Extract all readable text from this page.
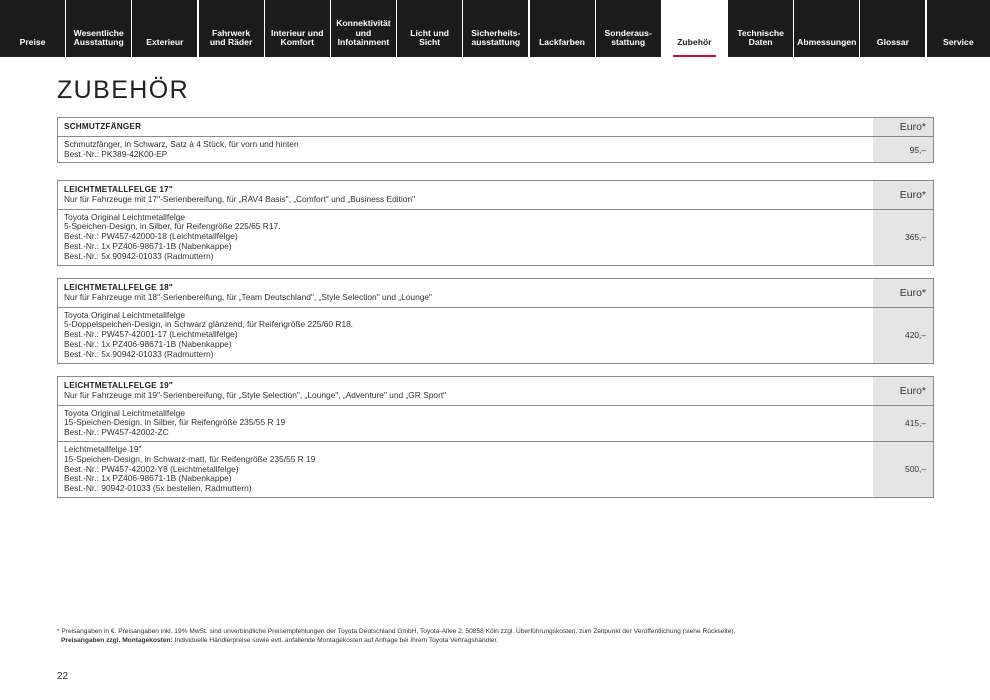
Preise
Wesentliche
Ausstattung	Exterieur
Fahrwerk
und Räder
Interieur und
Komfort
Konnektivität
und
Infotainment
Licht und Sicht
Sicherheits-
ausstattung Lackfarben
Sonderaus-
stattung	Zubehör
Technische
Daten	Abmessungen Glossar	Service
ZUBEHÖR
SCHMUTZFÄNGER	Euro*
Schmutzfänger, in Schwarz, Satz à 4 Stück, für vorn und hinten
Best.-Nr.: PK389-42K00-EP	95,–
LEICHTMETALLFELGE 17"
Nur für Fahrzeuge mit 17"-Serienbereifung, für „RAV4 Basis", „Comfort" und „Business Edition"	Euro*
Toyota Original Leichtmetallfelge
5-Speichen-Design, in Silber, für Reifengröße 225/65 R17.
Best.-Nr.: PW457-42000-18 (Leichtmetallfelge)
Best.-Nr.: 1x PZ406-98671-1B (Nabenkappe)
Best.-Nr.: 5x 90942-01033 (Radmuttern)
365,–
LEICHTMETALLFELGE 18"
Nur für Fahrzeuge mit 18"-Serienbereifung, für „Team Deutschland", „Style Selection" und „Lounge"	Euro*
Toyota Original Leichtmetallfelge
5-Doppelspeichen-Design, in Schwarz glänzend, für Reifengröße 225/60 R18.
Best.-Nr.: PW457-42001-17 (Leichtmetallfelge)
Best.-Nr.: 1x PZ406-98671-1B (Nabenkappe)
Best.-Nr.: 5x 90942-01033 (Radmuttern)
420,–
LEICHTMETALLFELGE 19"
Nur für Fahrzeuge mit 19"-Serienbereifung, für „Style Selection", „Lounge", „Adventure" und „GR Sport"	Euro*
Toyota Original Leichtmetallfelge
15-Speichen-Design, in Silber, für Reifengröße 235/55 R 19
Best.-Nr.: PW457-42002-ZC
415,–
Leichtmetallfelge 19"
15-Speichen-Design, in Schwarz-matt, für Reifengröße 235/55 R 19
Best.-Nr.: PW457-42002-Y8 (Leichtmetallfelge)
Best.-Nr.: 1x PZ406-98671-1B (Nabenkappe)
Best.-Nr.: 90942-01033 (5x bestellen, Radmuttern)
500,–
* Preisangaben in €. Preisangaben inkl. 19% MwSt. sind unverbindliche Preisempfehlungen der Toyota Deutschland GmbH, Toyota-Allee 2, 50858 Köln zzgl. Überführungskosten, zum Zeitpunkt der Veröffentlichung (siehe Rückseite).
Preisangaben zzgl. Montagekosten: Individuelle Händlerpreise sowie evtl. anfallende Montagekosten auf Anfrage bei Ihrem Toyota Vertragshändler.
22
